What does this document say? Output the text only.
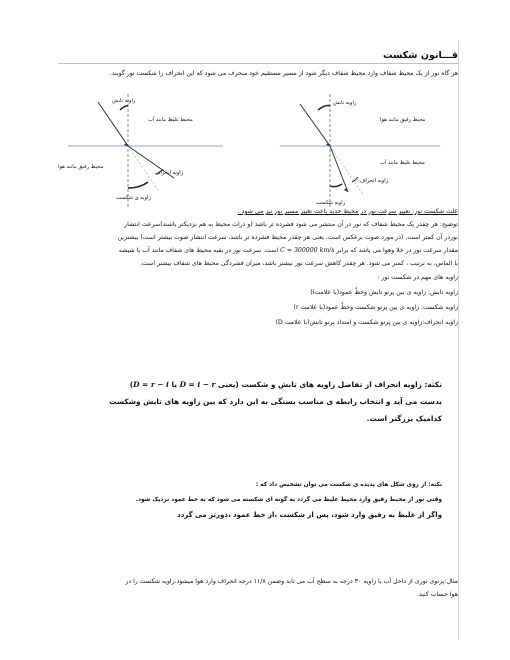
قـــانون شکست
هر گاه نور از یک محیط شفاف وارد محیط شفاف دیگر شود از مسیر مستقیم خود منحرف می شود که این انحراف را شکست نور گویند.
زاویه تابش
محیط غلیظ مانند آب
محیط رقیق مانند هوا
زاویه انحراف
زاویه ی شکست
زاویه تابش
محیط رقیق مانند هوا
محیط غلیظ مانند آب
زاویه انحراف
زاویه شکست
علت شکست نور: تغییر سرعت نور در محیط جدید باعث تغییر مسیر نور نیز می شود .
توضیح: هر چقدر یک محیط شفاف که نور در آن منتشر می شود فشرده تر باشد (و ذرات محیط به هم نزدیکتر باشند)سرعت انتشار
نوردر آن کمتر است. (در مورد صوت برعکس است. یعنی هر چقدر محیط فشرده تر باشد، سرعت انتشار صوت بیشتر است) بیشترین
مقدار سرعت نور در خلا وهوا می باشد که برابر C = 300000 km/s است. سرعت نور در بقیه محیط های شفاف مانند آب یا شیشه
یا الماس، به ترتیب ، کمتر می شود. هر چقدر کاهش سرعت نور بیشتر باشد، میزان فشردگی محیط های شفاف بیشتر است.
زاویه های مهم در شکست نور :
زاویه تابش: زاویه ی بین پرتو تابش وخطٌ عمود(با علامتi)
زاویه شکست: زاویه ی بین پرتو شکست وخطٌ عمود(با علامت r)
زاویه انحراف:زاویه ی بین پرتو شکست و امتداد پرتو تابش(با علامت D)
نکته: زاویه انحراف از تفاضل زاویه های تابش و شکست (یعنی D = i − r یا D = r − i)
بدست می آید و انتخاب رابطه ی مناسب بستگی به این دارد که بین زاویه های تابش وشکست
کدامیک بزرگتر است.
نکته: از روی شکل های پدیده ی شکست می توان تشخیص داد که :
وقتی نور از محیط رقیق وارد محیط غلیظ می گردد به گونه ای شکسته می شود که به خط عمود نزدیک شود.
واگر از غلیظ به رقیق وارد شود، پس از شکست ،از خط عمود ،دورتر می گردد
مثال:پرتوی نوری از داخل آب با زاویه ۳۰ درجه به سطح آب می تابد وضمن ۱۱/۸ درجه انحراف وارد هوا میشود.زاویه شکست را در
هوا حساب کنید.
